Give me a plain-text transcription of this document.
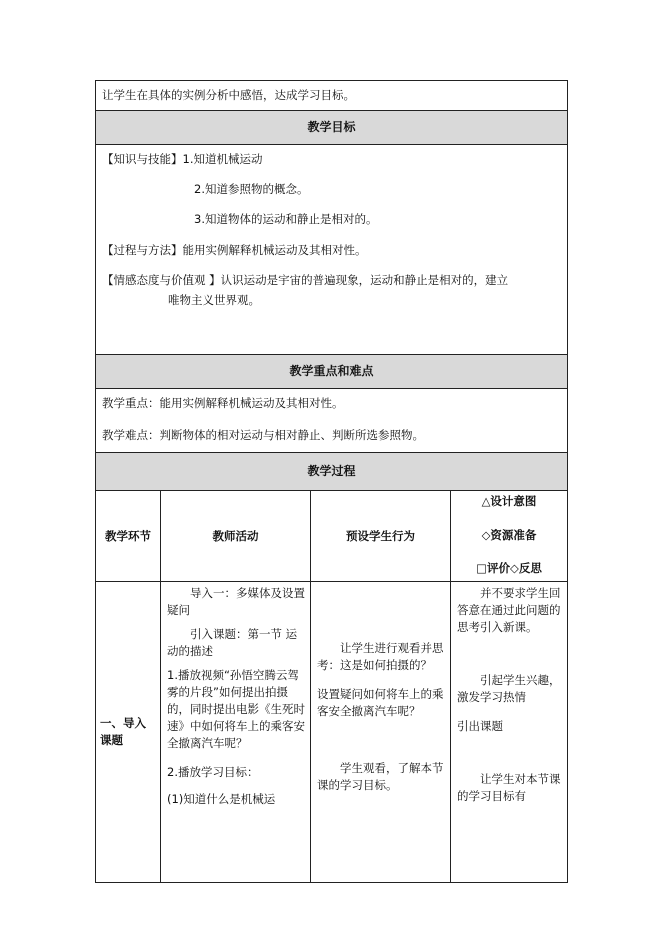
让学生在具体的实例分析中感悟，达成学习目标。
教学目标
【知识与技能】1.知道机械运动
2.知道参照物的概念。
3.知道物体的运动和静止是相对的。
【过程与方法】能用实例解释机械运动及其相对性。
【情感态度与价值观 】认识运动是宇宙的普遍现象，运动和静止是相对的，建立
唯物主义世界观。
教学重点和难点
教学重点：能用实例解释机械运动及其相对性。
教学难点：判断物体的相对运动与相对静止、判断所选参照物。
教学过程
教学环节	教师活动	预设学生行为
△设计意图
◇资源准备
□评价◇反思
一、导入课题

导入一：多媒体及设置疑问

引入课题：第一节 运动的描述

1.播放视频“孙悟空腾云驾雾的片段”如何提出拍摄的，同时提出电影《生死时速》中如何将车上的乘客安全撤离汽车呢？

2.播放学习目标：

(1)知道什么是机械运

让学生进行观看并思考：这是如何拍摄的？

设置疑问如何将车上的乘客安全撤离汽车呢？

学生观看，了解本节课的学习目标。

并不要求学生回答意在通过此问题的思考引入新课。

引起学生兴趣，激发学习热情

引出课题

让学生对本节课的学习目标有
